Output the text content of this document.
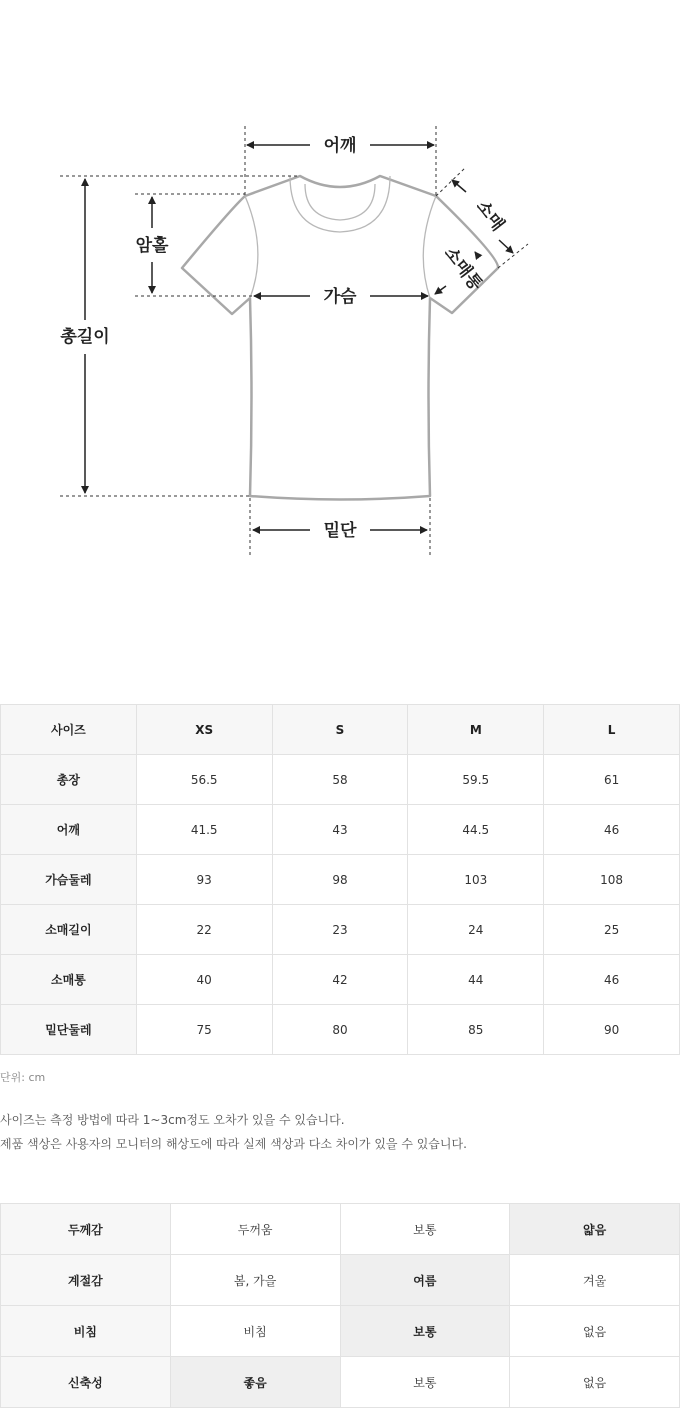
어깨
암홀
총길이
가슴
밑단
소매
소매통
사이즈	XS	S	M	L
총장	56.5	58	59.5	61
어깨	41.5	43	44.5	46
가슴둘레	93	98	103	108
소매길이	22	23	24	25
소매통	40	42	44	46
밑단둘레	75	80	85	90
단위: cm
사이즈는 측정 방법에 따라 1~3cm정도 오차가 있을 수 있습니다.
제품 색상은 사용자의 모니터의 해상도에 따라 실제 색상과 다소 차이가 있을 수 있습니다.
두께감	두꺼움	보통	얇음
계절감	봄, 가을	여름	겨울
비침	비침	보통	없음
신축성	좋음	보통	없음
